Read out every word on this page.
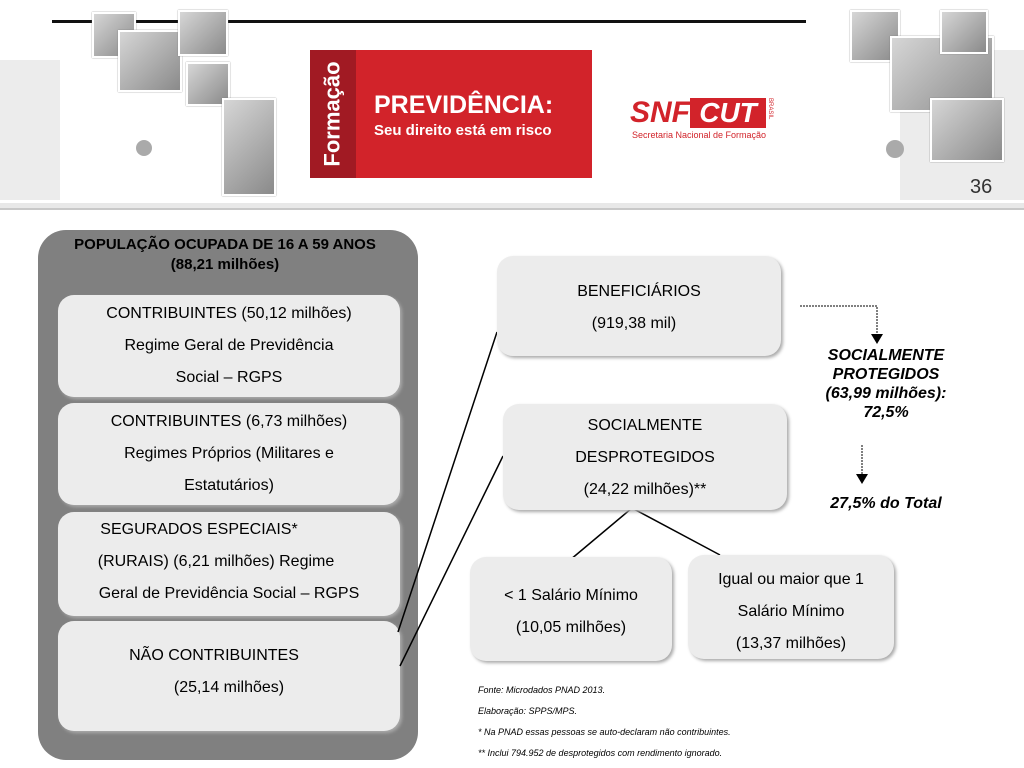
Formação PREVIDÊNCIA:
Seu direito está em risco
SNF CUT	BRASIL
Secretaria Nacional de Formação
36
POPULAÇÃO OCUPADA DE 16 A 59 ANOS (88,21 milhões)
CONTRIBUINTES (50,12 milhões)
Regime Geral de Previdência
Social – RGPS
CONTRIBUINTES (6,73 milhões)
Regimes Próprios (Militares e
Estatutários)
SEGURADOS ESPECIAIS*
(RURAIS) (6,21 milhões) Regime
Geral de Previdência Social – RGPS
NÃO CONTRIBUINTES
(25,14 milhões)
BENEFICIÁRIOS
(919,38 mil)
SOCIALMENTE
PROTEGIDOS
(63,99 milhões):
72,5%
SOCIALMENTE
DESPROTEGIDOS
(24,22 milhões)**
27,5% do Total
< 1 Salário Mínimo
(10,05 milhões)
Igual ou maior que 1
Salário Mínimo
(13,37 milhões)
Fonte: Microdados PNAD 2013.
Elaboração: SPPS/MPS.
* Na PNAD essas pessoas se auto-declaram não contribuintes.
** Inclui 794.952 de desprotegidos com rendimento ignorado.
